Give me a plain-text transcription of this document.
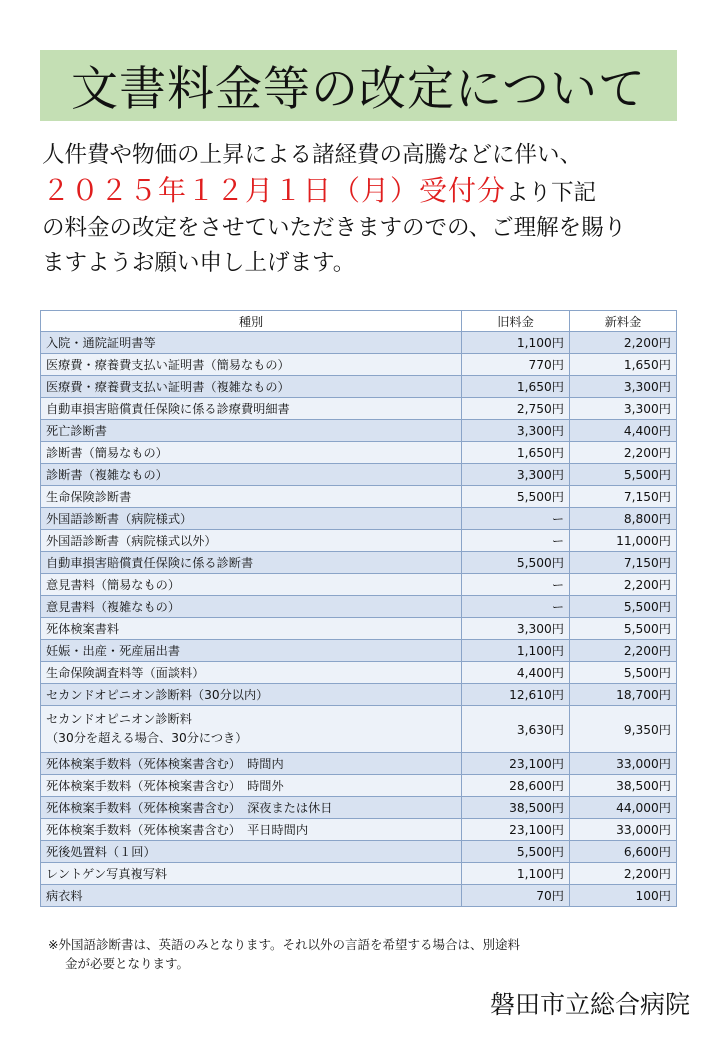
文書料金等の改定について

人件費や物価の上昇による諸経費の高騰などに伴い、

２０２５年１２月１日（月）受付分より下記

の料金の改定をさせていただきますのでの、ご理解を賜り

ますようお願い申し上げます。

種別	旧料金	新料金
入院・通院証明書等	1,100円	2,200円
医療費・療養費支払い証明書（簡易なもの）	770円	1,650円
医療費・療養費支払い証明書（複雑なもの）	1,650円	3,300円
自動車損害賠償責任保険に係る診療費明細書	2,750円	3,300円
死亡診断書	3,300円	4,400円
診断書（簡易なもの）	1,650円	2,200円
診断書（複雑なもの）	3,300円	5,500円
生命保険診断書	5,500円	7,150円
外国語診断書（病院様式）	ー	8,800円
外国語診断書（病院様式以外）	ー	11,000円
自動車損害賠償責任保険に係る診断書	5,500円	7,150円
意見書料（簡易なもの）	ー	2,200円
意見書料（複雑なもの）	ー	5,500円
死体検案書料	3,300円	5,500円
妊娠・出産・死産届出書	1,100円	2,200円
生命保険調査料等（面談料）	4,400円	5,500円
セカンドオピニオン診断料（30分以内）	12,610円	18,700円

セカンドオピニオン診断料
（30分を超える場合、30分につき）	3,630円	9,350円
死体検案手数料（死体検案書含む）　時間内	23,100円	33,000円
死体検案手数料（死体検案書含む）　時間外	28,600円	38,500円
死体検案手数料（死体検案書含む）　深夜または休日	38,500円	44,000円
死体検案手数料（死体検案書含む）　平日時間内	23,100円	33,000円
死後処置料（１回）	5,500円	6,600円
レントゲン写真複写料	1,100円	2,200円
病衣料	70円	100円
※外国語診断書は、英語のみとなります。それ以外の言語を希望する場合は、別途料
金が必要となります。
磐田市立総合病院
